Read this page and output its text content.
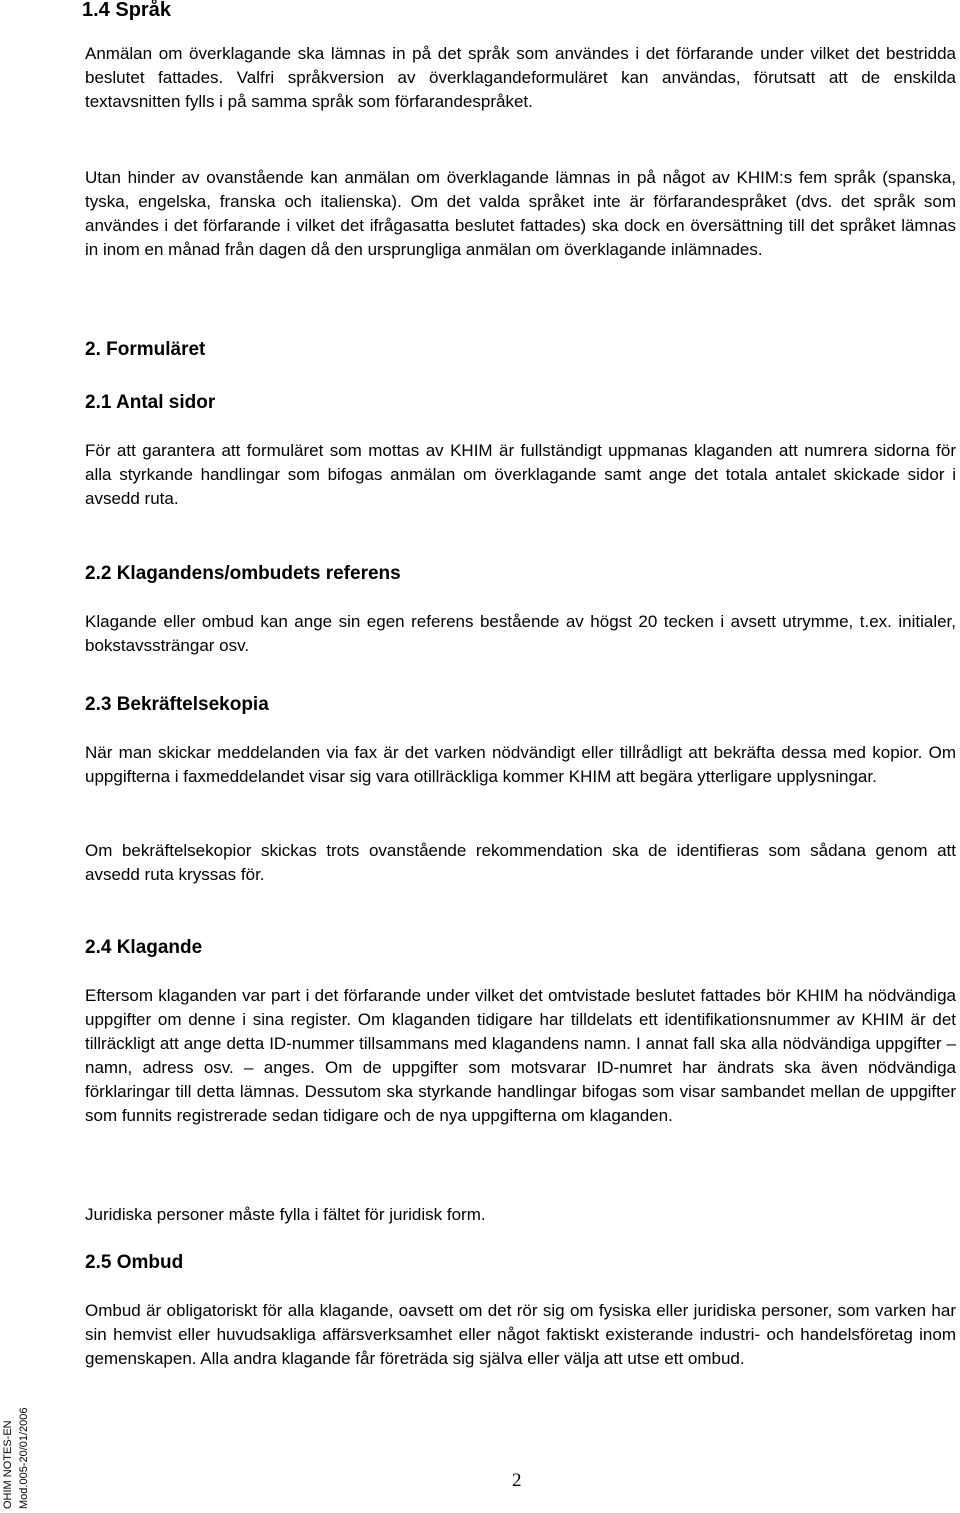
1.4 Språk

Anmälan om överklagande ska lämnas in på det språk som användes i det förfarande under vilket det bestridda beslutet fattades. Valfri språkversion av överklagandeformuläret kan användas, förutsatt att de enskilda textavsnitten fylls i på samma språk som förfarandespråket.

Utan hinder av ovanstående kan anmälan om överklagande lämnas in på något av KHIM:s fem språk (spanska, tyska, engelska, franska och italienska). Om det valda språket inte är förfarandespråket (dvs. det språk som användes i det förfarande i vilket det ifrågasatta beslutet fattades) ska dock en översättning till det språket lämnas in inom en månad från dagen då den ursprungliga anmälan om överklagande inlämnades.

2. Formuläret
2.1 Antal sidor

För att garantera att formuläret som mottas av KHIM är fullständigt uppmanas klaganden att numrera sidorna för alla styrkande handlingar som bifogas anmälan om överklagande samt ange det totala antalet skickade sidor i avsedd ruta.

2.2 Klagandens/ombudets referens

Klagande eller ombud kan ange sin egen referens bestående av högst 20 tecken i avsett utrymme, t.ex. initialer, bokstavssträngar osv.

2.3 Bekräftelsekopia

När man skickar meddelanden via fax är det varken nödvändigt eller tillrådligt att bekräfta dessa med kopior. Om uppgifterna i faxmeddelandet visar sig vara otillräckliga kommer KHIM att begära ytterligare upplysningar.

Om bekräftelsekopior skickas trots ovanstående rekommendation ska de identifieras som sådana genom att avsedd ruta kryssas för.

2.4 Klagande

Eftersom klaganden var part i det förfarande under vilket det omtvistade beslutet fattades bör KHIM ha nödvändiga uppgifter om denne i sina register. Om klaganden tidigare har tilldelats ett identifikationsnummer av KHIM är det tillräckligt att ange detta ID-nummer tillsammans med klagandens namn. I annat fall ska alla nödvändiga uppgifter – namn, adress osv. – anges. Om de uppgifter som motsvarar ID-numret har ändrats ska även nödvändiga förklaringar till detta lämnas. Dessutom ska styrkande handlingar bifogas som visar sambandet mellan de uppgifter som funnits registrerade sedan tidigare och de nya uppgifterna om klaganden.

Juridiska personer måste fylla i fältet för juridisk form.

2.5 Ombud

Ombud är obligatoriskt för alla klagande, oavsett om det rör sig om fysiska eller juridiska personer, som varken har sin hemvist eller huvudsakliga affärsverksamhet eller något faktiskt existerande industri- och handelsföretag inom gemenskapen. Alla andra klagande får företräda sig själva eller välja att utse ett ombud.

OHIM NOTES-EN Mod.005-20/01/2006	2
